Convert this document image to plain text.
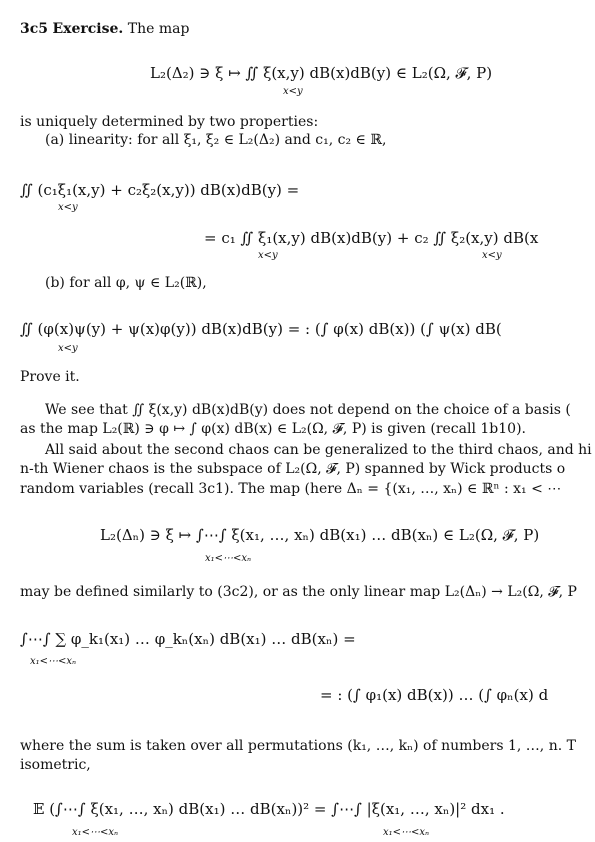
3c5 Exercise. The map
L₂(Δ₂) ∋ ξ ↦ ∬ ξ(x,y) dB(x)dB(y) ∈ L₂(Ω, 𝓕, P)
x<y
is uniquely determined by two properties:
(a) linearity: for all ξ₁, ξ₂ ∈ L₂(Δ₂) and c₁, c₂ ∈ ℝ,
∬ (c₁ξ₁(x,y) + c₂ξ₂(x,y)) dB(x)dB(y) =
x<y
= c₁ ∬ ξ₁(x,y) dB(x)dB(y) + c₂ ∬ ξ₂(x,y) dB(x
x<y	x<y
(b) for all φ, ψ ∈ L₂(ℝ),
∬ (φ(x)ψ(y) + ψ(x)φ(y)) dB(x)dB(y) = : (∫ φ(x) dB(x)) (∫ ψ(x) dB(
x<y
Prove it.
We see that ∬ ξ(x,y) dB(x)dB(y) does not depend on the choice of a basis (
as the map L₂(ℝ) ∋ φ ↦ ∫ φ(x) dB(x) ∈ L₂(Ω, 𝓕, P) is given (recall 1b10).
All said about the second chaos can be generalized to the third chaos, and hi
n-th Wiener chaos is the subspace of L₂(Ω, 𝓕, P) spanned by Wick products o
random variables (recall 3c1). The map (here Δₙ = {(x₁, …, xₙ) ∈ ℝⁿ : x₁ < ⋯
L₂(Δₙ) ∋ ξ ↦ ∫⋯∫ ξ(x₁, …, xₙ) dB(x₁) … dB(xₙ) ∈ L₂(Ω, 𝓕, P)
x₁<⋯<xₙ
may be defined similarly to (3c2), or as the only linear map L₂(Δₙ) → L₂(Ω, 𝓕, P
∫⋯∫ ∑ φ_k₁(x₁) … φ_kₙ(xₙ) dB(x₁) … dB(xₙ) =
x₁<⋯<xₙ
= : (∫ φ₁(x) dB(x)) … (∫ φₙ(x) d
where the sum is taken over all permutations (k₁, …, kₙ) of numbers 1, …, n. T
isometric,
𝔼 (∫⋯∫ ξ(x₁, …, xₙ) dB(x₁) … dB(xₙ))² = ∫⋯∫ |ξ(x₁, …, xₙ)|² dx₁ .
x₁<⋯<xₙ	x₁<⋯<xₙ
